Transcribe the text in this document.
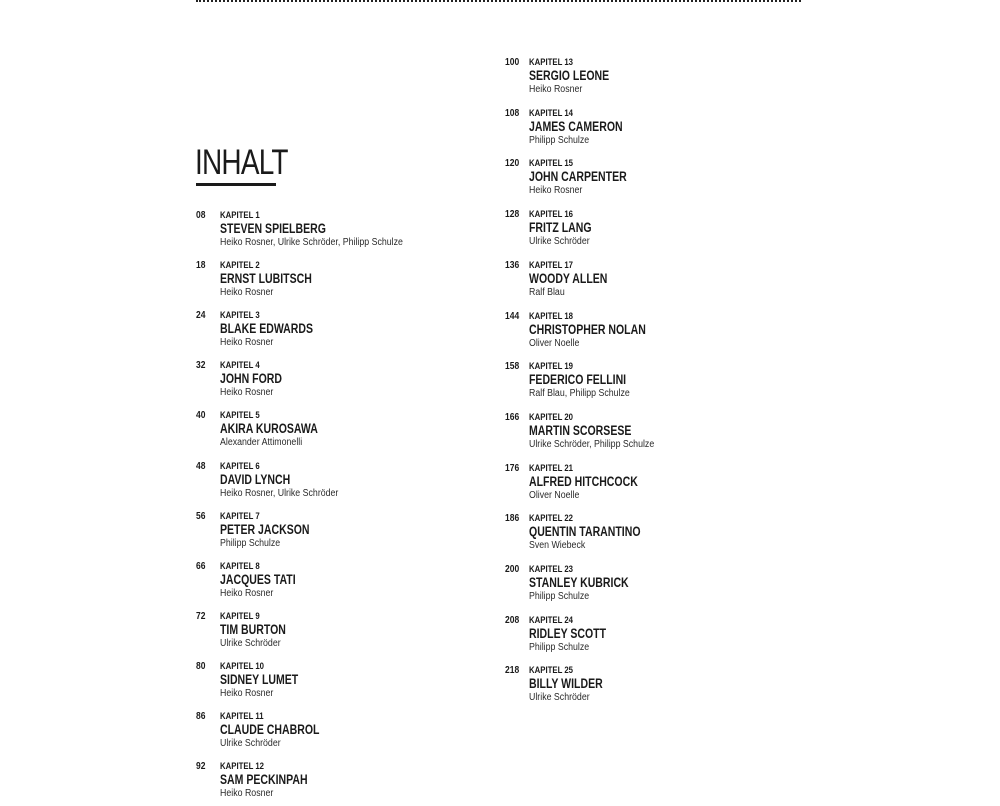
INHALT
08 KAPITEL 1
STEVEN SPIELBERG
Heiko Rosner, Ulrike Schröder, Philipp Schulze
18 KAPITEL 2
ERNST LUBITSCH
Heiko Rosner
24 KAPITEL 3
BLAKE EDWARDS
Heiko Rosner
32 KAPITEL 4
JOHN FORD
Heiko Rosner
40 KAPITEL 5
AKIRA KUROSAWA
Alexander Attimonelli
48 KAPITEL 6
DAVID LYNCH
Heiko Rosner, Ulrike Schröder
56 KAPITEL 7
PETER JACKSON
Philipp Schulze
66 KAPITEL 8
JACQUES TATI
Heiko Rosner
72 KAPITEL 9
TIM BURTON
Ulrike Schröder
80 KAPITEL 10
SIDNEY LUMET
Heiko Rosner
86 KAPITEL 11
CLAUDE CHABROL
Ulrike Schröder
92 KAPITEL 12
SAM PECKINPAH
Heiko Rosner
100 KAPITEL 13
SERGIO LEONE
Heiko Rosner
108 KAPITEL 14
JAMES CAMERON
Philipp Schulze
120 KAPITEL 15
JOHN CARPENTER
Heiko Rosner
128 KAPITEL 16
FRITZ LANG
Ulrike Schröder
136 KAPITEL 17
WOODY ALLEN
Ralf Blau
144 KAPITEL 18
CHRISTOPHER NOLAN
Oliver Noelle
158 KAPITEL 19
FEDERICO FELLINI
Ralf Blau, Philipp Schulze
166 KAPITEL 20
MARTIN SCORSESE
Ulrike Schröder, Philipp Schulze
176 KAPITEL 21
ALFRED HITCHCOCK
Oliver Noelle
186 KAPITEL 22
QUENTIN TARANTINO
Sven Wiebeck
200 KAPITEL 23
STANLEY KUBRICK
Philipp Schulze
208 KAPITEL 24
RIDLEY SCOTT
Philipp Schulze
218 KAPITEL 25
BILLY WILDER
Ulrike Schröder
